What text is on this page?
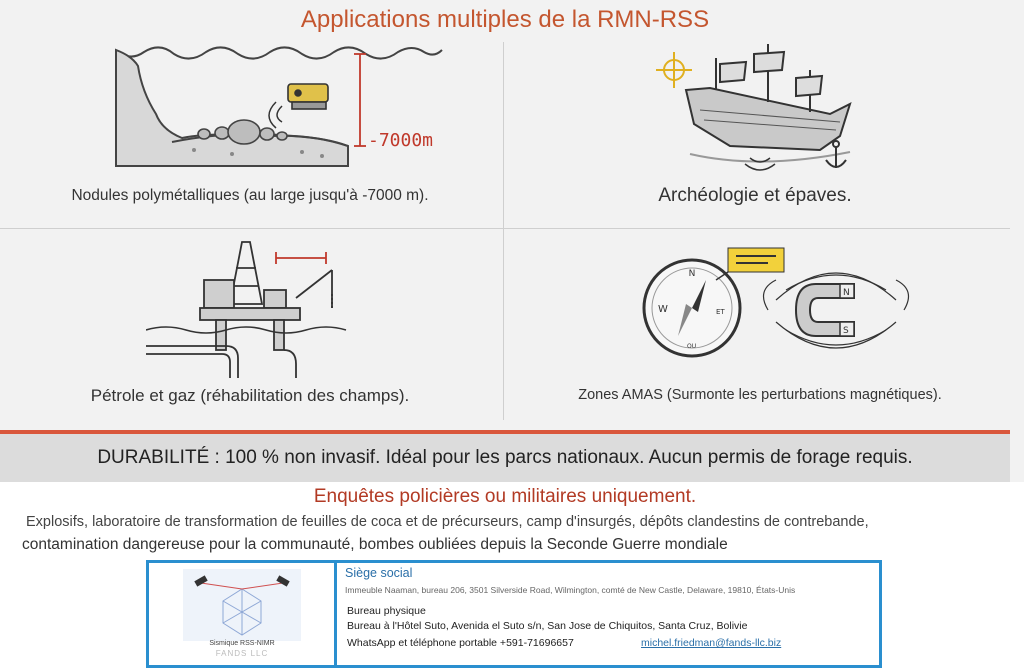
Applications multiples de la RMN-RSS
-7000m
Nodules polymétalliques (au large jusqu'à -7000 m).	Archéologie et épaves.
Pétrole et gaz (réhabilitation des champs).
N
W	ET
OU
N
S
Zones AMAS (Surmonte les perturbations magnétiques).
DURABILITÉ : 100 % non invasif. Idéal pour les parcs nationaux. Aucun permis de forage requis.
Enquêtes policières ou militaires uniquement.
Explosifs, laboratoire de transformation de feuilles de coca et de précurseurs, camp d'insurgés, dépôts clandestins de contrebande,
contamination dangereuse pour la communauté, bombes oubliées depuis la Seconde Guerre mondiale
Sismique RSS-NIMR
FANDS LLC
Siège social
Immeuble Naaman, bureau 206, 3501 Silverside Road, Wilmington, comté de New Castle, Delaware, 19810, États-Unis
Bureau physique
Bureau à l'Hôtel Suto, Avenida el Suto s/n, San Jose de Chiquitos, Santa Cruz, Bolivie
WhatsApp et téléphone portable +591-71696657	michel.friedman@fands-llc.biz
